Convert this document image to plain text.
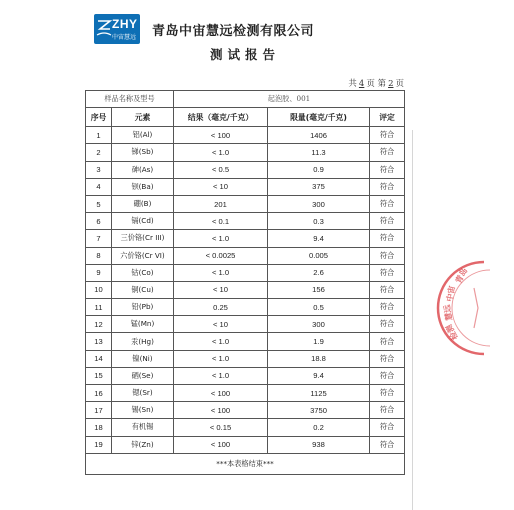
ZHY
中宙慧远 青岛中宙慧远检测有限公司
测试报告
共 4 页 第 2 页
样品名称及型号		起泡胶、001		
序号	元素	结果（毫克/千克）	限量(毫克/千克)	评定
1	铝(Al)	< 100	1406	符合
2	锑(Sb)	< 1.0	11.3	符合
3	砷(As)	< 0.5	0.9	符合
4	钡(Ba)	< 10	375	符合
5	硼(B)	201	300	符合
6	镉(Cd)	< 0.1	0.3	符合
7	三价铬(Cr III)	< 1.0	9.4	符合
8	六价铬(Cr VI)	< 0.0025	0.005	符合
9	钴(Co)	< 1.0	2.6	符合
10	铜(Cu)	< 10	156	符合
11	铅(Pb)	0.25	0.5	符合
12	锰(Mn)	< 10	300	符合
13	汞(Hg)	< 1.0	1.9	符合
14	镍(Ni)	< 1.0	18.8	符合
15	硒(Se)	< 1.0	9.4	符合
16	锶(Sr)	< 100	1125	符合
17	锡(Sn)	< 100	3750	符合
18	有机锡	< 0.15	0.2	符合
19	锌(Zn)	< 100	938	符合
***本表格结束***				
青岛
中宙
慧远
检测
